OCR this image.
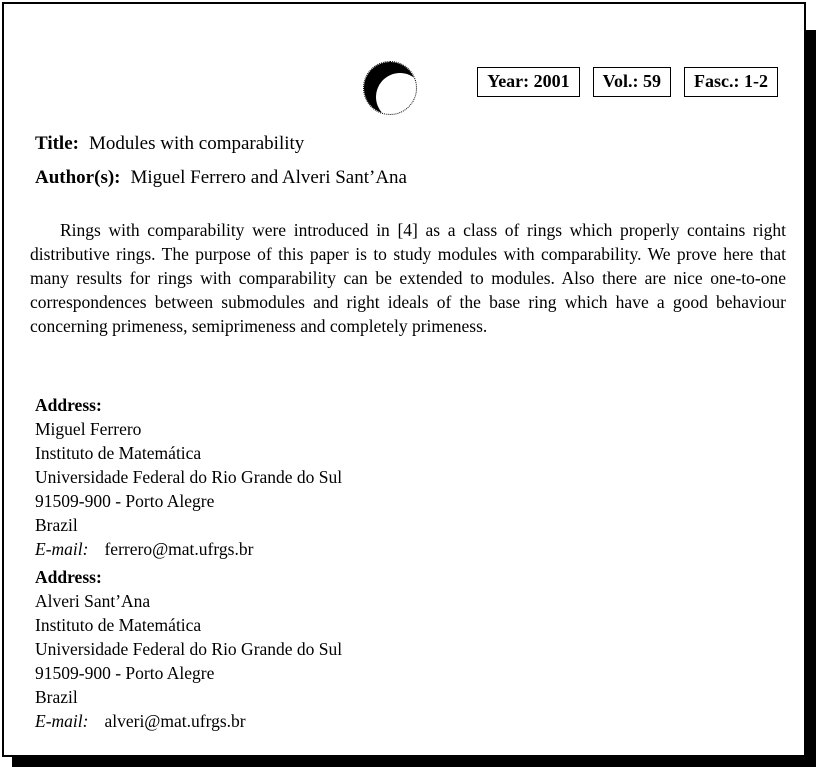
Year: 2001	Vol.: 59	Fasc.: 1-2
Title: Modules with comparability
Author(s): Miguel Ferrero and Alveri Sant’Ana

Rings with comparability were introduced in [4] as a class of rings which properly contains right distributive rings. The purpose of this paper is to study modules with comparability. We prove here that many results for rings with comparability can be extended to modules. Also there are nice one-to-one correspondences between submodules and right ideals of the base ring which have a good behaviour concerning primeness, semiprimeness and completely primeness.

Address:
Miguel Ferrero
Instituto de Matemática
Universidade Federal do Rio Grande do Sul
91509-900 - Porto Alegre
Brazil
E-mail: ferrero@mat.ufrgs.br
Address:
Alveri Sant’Ana
Instituto de Matemática
Universidade Federal do Rio Grande do Sul
91509-900 - Porto Alegre
Brazil
E-mail: alveri@mat.ufrgs.br
